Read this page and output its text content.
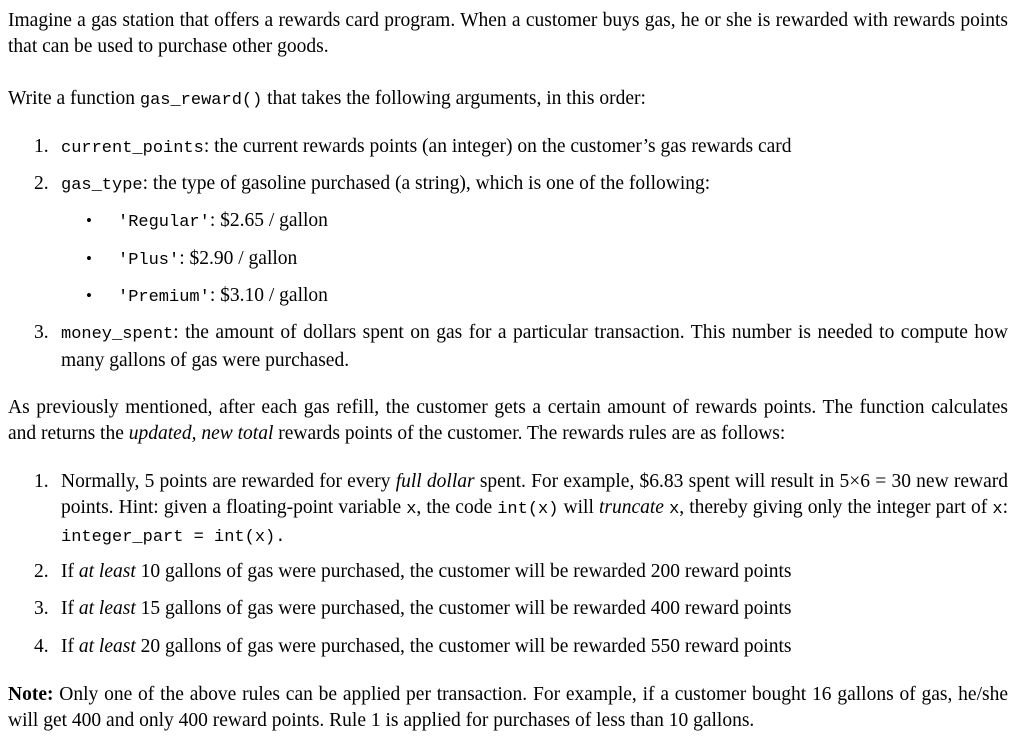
Imagine a gas station that offers a rewards card program. When a customer buys gas, he or she is rewarded with rewards points that can be used to purchase other goods.

Write a function gas_reward() that takes the following arguments, in this order:

1. current_points: the current rewards points (an integer) on the customer’s gas rewards card
2. gas_type: the type of gasoline purchased (a string), which is one of the following:
• 'Regular': $2.65 / gallon
• 'Plus': $2.90 / gallon
• 'Premium': $3.10 / gallon
3. money_spent: the amount of dollars spent on gas for a particular transaction. This number is needed to compute how many gallons of gas were purchased.

As previously mentioned, after each gas refill, the customer gets a certain amount of rewards points. The function calculates and returns the updated, new total rewards points of the customer. The rewards rules are as follows:

1. Normally, 5 points are rewarded for every full dollar spent. For example, $6.83 spent will result in 5×6 = 30 new reward points. Hint: given a floating-point variable x, the code int(x) will truncate x, thereby giving only the integer part of x: integer_part = int(x).
2. If at least 10 gallons of gas were purchased, the customer will be rewarded 200 reward points
3. If at least 15 gallons of gas were purchased, the customer will be rewarded 400 reward points
4. If at least 20 gallons of gas were purchased, the customer will be rewarded 550 reward points

Note: Only one of the above rules can be applied per transaction. For example, if a customer bought 16 gallons of gas, he/she will get 400 and only 400 reward points. Rule 1 is applied for purchases of less than 10 gallons.
